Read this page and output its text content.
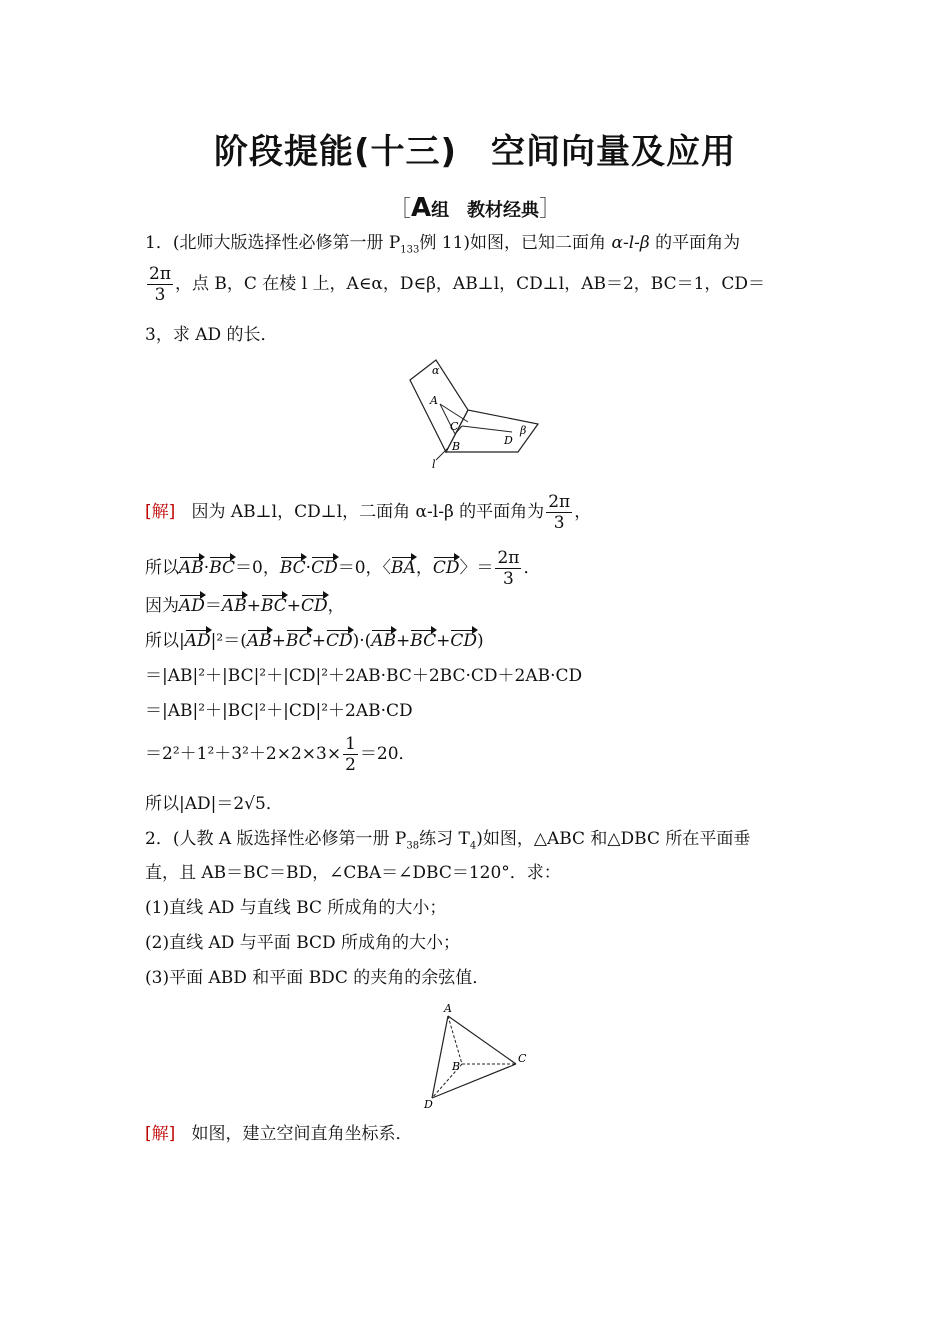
阶段提能(十三) 空间向量及应用
［A组　教材经典］
1．(北师大版选择性必修第一册 $P_{133}$例 11)如图，已知二面角 α-l-β 的平面角为
$\frac{2\pi}{3}$ ，点 B，C 在棱 l 上，A∈α，D∈β，AB⊥l，CD⊥l，AB＝2，BC＝1，CD＝
3，求 AD 的长．
α
A
C
B	D
β
l
[解] 因为 AB⊥l，CD⊥l，二面角 α-l-β 的平面角为 $\frac{2\pi}{3}$ ，
所以AB·BC＝0，BC·CD＝0，〈BA，CD〉＝ $\frac{2\pi}{3}$ ．
因为AD＝AB+BC+CD，
所以|AD|²＝(AB+BC+CD)·(AB+BC+CD)
＝|AB|²＋|BC|²＋|CD|²＋2AB·BC＋2BC·CD＋2AB·CD
＝|AB|²＋|BC|²＋|CD|²＋2AB·CD
$=2^2+1^2+3^2+2\times 2\times 3\times \frac{1}{2} =20$．
所以|AD|＝2√5．
2．(人教 A 版选择性必修第一册 $P_{38}$练习 $T_4$)如图，△ABC 和△DBC 所在平面垂
直，且 AB＝BC＝BD，∠CBA＝∠DBC＝120°．求：
(1)直线 AD 与直线 BC 所成角的大小；
(2)直线 AD 与平面 BCD 所成角的大小；
(3)平面 ABD 和平面 BDC 的夹角的余弦值．
A
B
C
D
[解] 如图，建立空间直角坐标系．
